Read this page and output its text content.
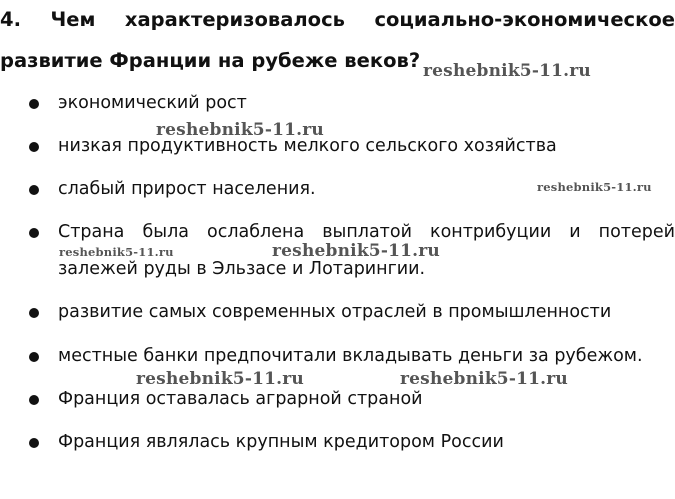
4. Чем характеризовалось социально-экономическое
развитие Франции на рубеже веков?
экономический рост
низкая продуктивность мелкого сельского хозяйства
слабый прирост населения.
Страна была ослаблена выплатой контрибуции и потерей
залежей руды в Эльзасе и Лотарингии.
развитие самых современных отраслей в промышленности
местные банки предпочитали вкладывать деньги за рубежом.
Франция оставалась аграрной страной
Франция являлась крупным кредитором России
reshebnik5-11.ru
reshebnik5-11.ru
reshebnik5-11.ru
reshebnik5-11.ru	reshebnik5-11.ru
reshebnik5-11.ru	reshebnik5-11.ru
